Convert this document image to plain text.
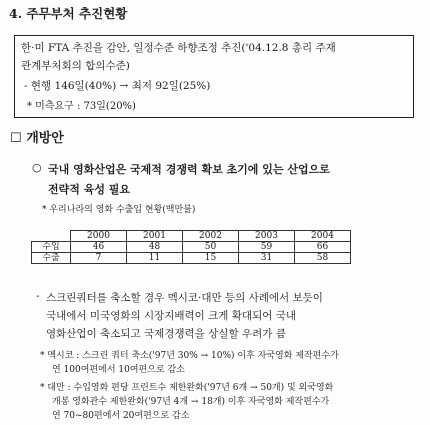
4. 주무부처 추진현황
한·미 FTA 추진을 감안, 일정수준 하향조정 추진('04.12.8 총리 주재
관계부처회의 합의수준)
- 현행 146일(40%) → 최저 92일(25%)
* 미측요구 : 73일(20%)
☐ 개방안
○ 국내 영화산업은 국제적 경쟁력 확보 초기에 있는 산업으로
전략적 육성 필요
* 우리나라의 영화 수출입 현황(백만불)
	2000	2001	2002	2003	2004
수입	46	48	50	59	66
수출	7	11	15	31	58
- 스크린쿼터를 축소할 경우 멕시코·대만 등의 사례에서 보듯이
국내에서 미국영화의 시장지배력이 크게 확대되어 국내
영화산업이 축소되고 국제경쟁력을 상실할 우려가 큼
* 멕시코 : 스크린 쿼터 축소('97년 30% → 10%) 이후 자국영화 제작편수가
연 100여편에서 10여편으로 감소
* 대만 : 수입영화 편당 프린트수 제한완화('97년 6개 → 50개) 및 외국영화
개봉 영화관수 제한완화('97년 4개 → 18개) 이후 자국영화 제작편수가
연 70~80편에서 20여편으로 감소
